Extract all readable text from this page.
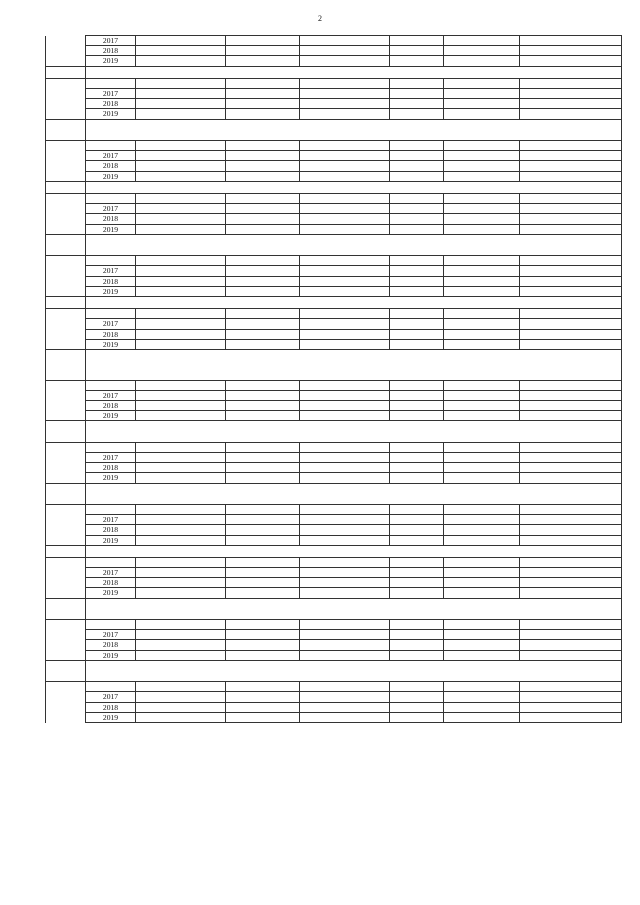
2
	2017						
	2018						
	2019						

	2017						
	2018						
	2019						

	2017						
	2018						
	2019						

	2017						
	2018						
	2019						

	2017						
	2018						
	2019						

	2017						
	2018						
	2019						

	2017						
	2018						
	2019						

	2017						
	2018						
	2019						

	2017						
	2018						
	2019						

	2017						
	2018						
	2019						

	2017						
	2018						
	2019						

	2017						
	2018						
	2019						
